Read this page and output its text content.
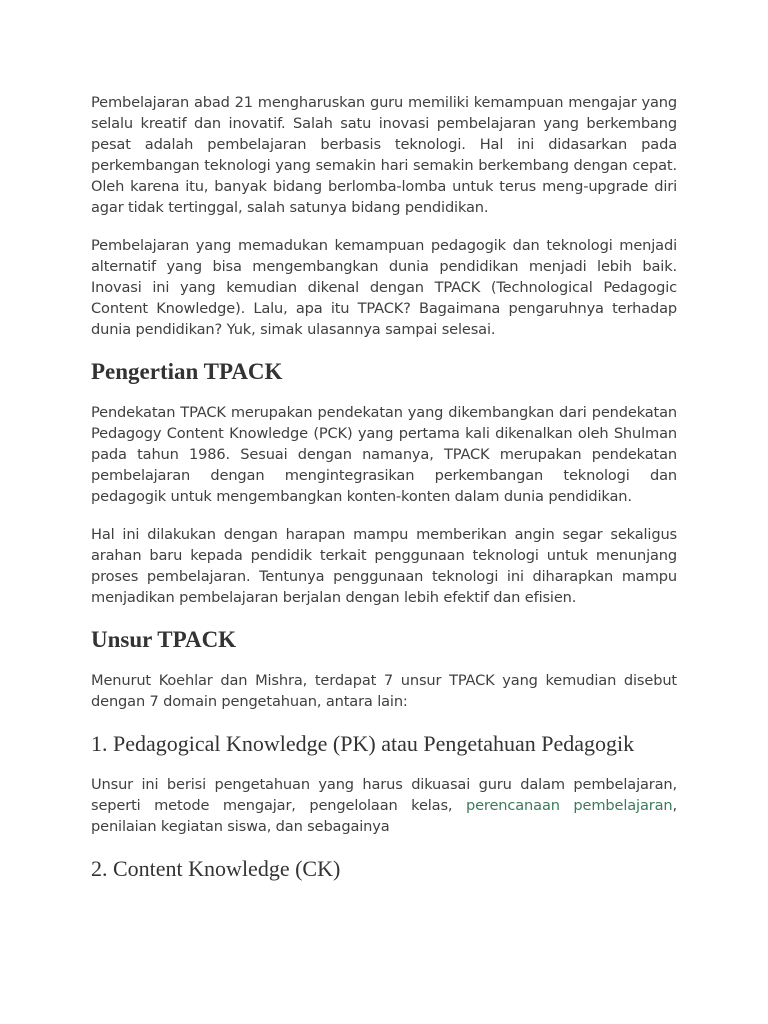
Pembelajaran abad 21 mengharuskan guru memiliki kemampuan mengajar yang selalu kreatif dan inovatif. Salah satu inovasi pembelajaran yang berkembang pesat adalah pembelajaran berbasis teknologi. Hal ini didasarkan pada perkembangan teknologi yang semakin hari semakin berkembang dengan cepat. Oleh karena itu, banyak bidang berlomba-lomba untuk terus meng-upgrade diri agar tidak tertinggal, salah satunya bidang pendidikan.

Pembelajaran yang memadukan kemampuan pedagogik dan teknologi menjadi alternatif yang bisa mengembangkan dunia pendidikan menjadi lebih baik. Inovasi ini yang kemudian dikenal dengan TPACK (Technological Pedagogic Content Knowledge). Lalu, apa itu TPACK? Bagaimana pengaruhnya terhadap dunia pendidikan? Yuk, simak ulasannya sampai selesai.

Pengertian TPACK

Pendekatan TPACK merupakan pendekatan yang dikembangkan dari pendekatan Pedagogy Content Knowledge (PCK) yang pertama kali dikenalkan oleh Shulman pada tahun 1986. Sesuai dengan namanya, TPACK merupakan pendekatan pembelajaran dengan mengintegrasikan perkembangan teknologi dan pedagogik untuk mengembangkan konten-konten dalam dunia pendidikan.

Hal ini dilakukan dengan harapan mampu memberikan angin segar sekaligus arahan baru kepada pendidik terkait penggunaan teknologi untuk menunjang proses pembelajaran. Tentunya penggunaan teknologi ini diharapkan mampu menjadikan pembelajaran berjalan dengan lebih efektif dan efisien.

Unsur TPACK

Menurut Koehlar dan Mishra, terdapat 7 unsur TPACK yang kemudian disebut dengan 7 domain pengetahuan, antara lain:

1. Pedagogical Knowledge (PK) atau Pengetahuan Pedagogik

Unsur ini berisi pengetahuan yang harus dikuasai guru dalam pembelajaran, seperti metode mengajar, pengelolaan kelas, perencanaan pembelajaran, penilaian kegiatan siswa, dan sebagainya

2. Content Knowledge (CK)
